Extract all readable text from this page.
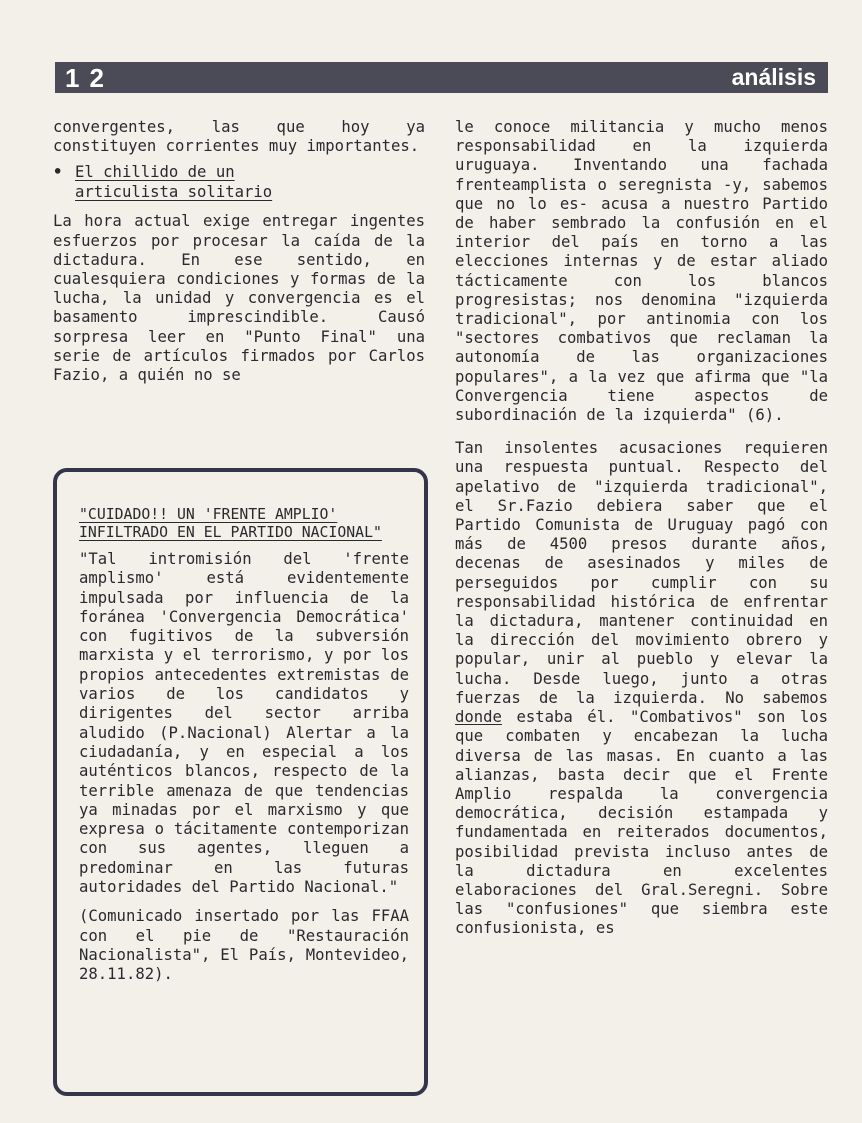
12	análisis

convergentes, las que hoy ya constituyen corrientes muy importantes.

• El chillido de un
articulista solitario

La hora actual exige entregar ingentes esfuerzos por procesar la caída de la dictadura. En ese sentido, en cualesquiera condiciones y formas de la lucha, la unidad y convergencia es el basamento imprescindible. Causó sorpresa leer en "Punto Final" una serie de artículos firmados por Carlos Fazio, a quién no se

"CUIDADO!! UN 'FRENTE AMPLIO' INFILTRADO EN EL PARTIDO NACIONAL"
"Tal intromisión del 'frente amplismo' está evidentemente impulsada por influencia de la foránea 'Convergencia Democrática' con fugitivos de la subversión marxista y el terrorismo, y por los propios antecedentes extremistas de varios de los candidatos y dirigentes del sector arriba aludido (P.Nacional) Alertar a la ciudadanía, y en especial a los auténticos blancos, respecto de la terrible amenaza de que tendencias ya minadas por el marxismo y que expresa o tácitamente contemporizan con sus agentes, lleguen a predominar en las futuras autoridades del Partido Nacional."
(Comunicado insertado por las FFAA con el pie de "Restauración Nacionalista", El País, Montevideo, 28.11.82).

le conoce militancia y mucho menos responsabilidad en la izquierda uruguaya. Inventando una fachada frenteamplista o seregnista -y, sabemos que no lo es- acusa a nuestro Partido de haber sembrado la confusión en el interior del país en torno a las elecciones internas y de estar aliado tácticamente con los blancos progresistas; nos denomina "izquierda tradicional", por antinomia con los "sectores combativos que reclaman la autonomía de las organizaciones populares", a la vez que afirma que "la Convergencia tiene aspectos de subordinación de la izquierda" (6).

Tan insolentes acusaciones requieren una respuesta puntual. Respecto del apelativo de "izquierda tradicional", el Sr.Fazio debiera saber que el Partido Comunista de Uruguay pagó con más de 4500 presos durante años, decenas de asesinados y miles de perseguidos por cumplir con su responsabilidad histórica de enfrentar la dictadura, mantener continuidad en la dirección del movimiento obrero y popular, unir al pueblo y elevar la lucha. Desde luego, junto a otras fuerzas de la izquierda. No sabemos donde estaba él. "Combativos" son los que combaten y encabezan la lucha diversa de las masas. En cuanto a las alianzas, basta decir que el Frente Amplio respalda la convergencia democrática, decisión estampada y fundamentada en reiterados documentos, posibilidad prevista incluso antes de la dictadura en excelentes elaboraciones del Gral.Seregni. Sobre las "confusiones" que siembra este confusionista, es
